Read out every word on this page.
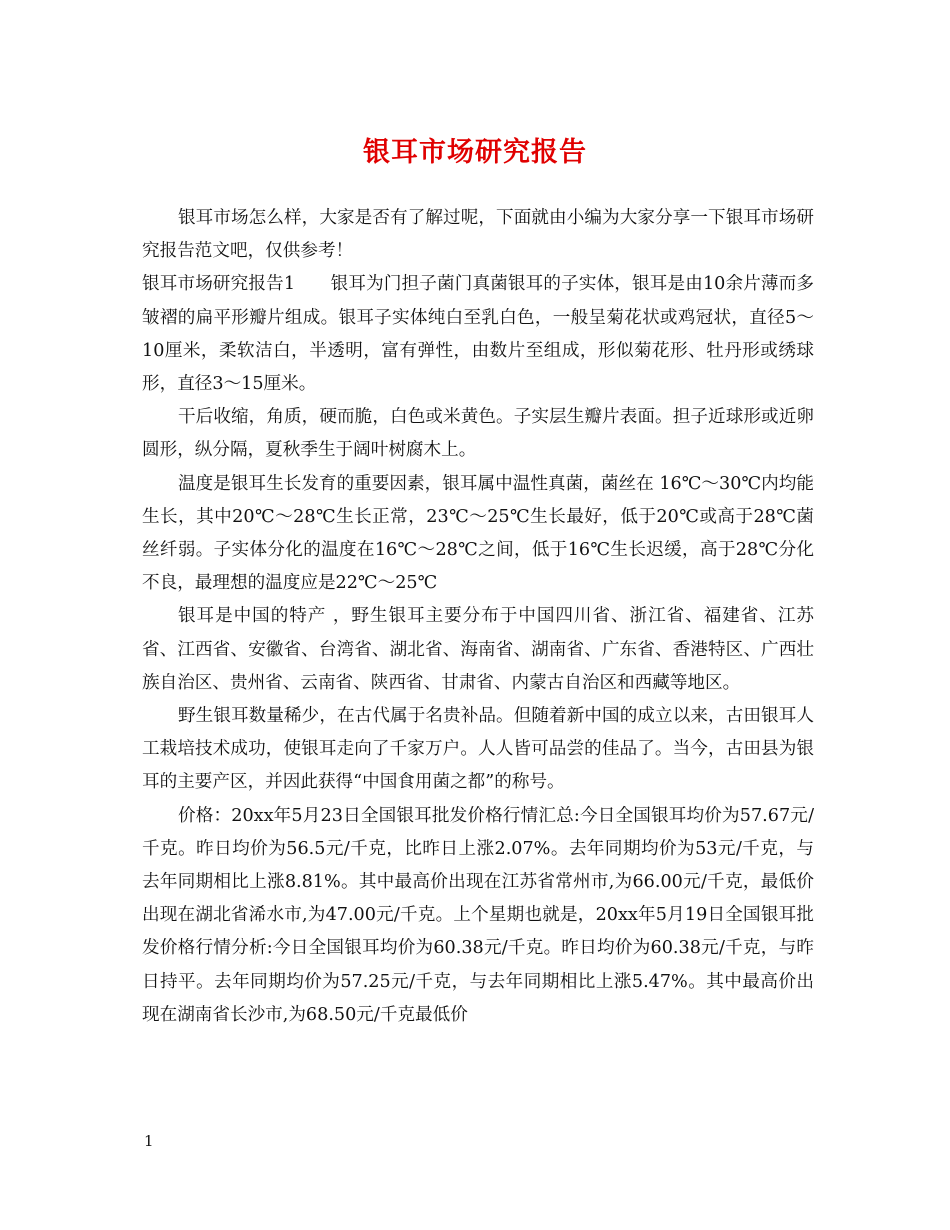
银耳市场研究报告

银耳市场怎么样，大家是否有了解过呢，下面就由小编为大家分享一下银耳市场研究报告范文吧，仅供参考！

银耳市场研究报告1　　银耳为门担子菌门真菌银耳的子实体，银耳是由10余片薄而多皱褶的扁平形瓣片组成。银耳子实体纯白至乳白色，一般呈菊花状或鸡冠状，直径5～10厘米，柔软洁白，半透明，富有弹性，由数片至组成，形似菊花形、牡丹形或绣球形，直径3～15厘米。

干后收缩，角质，硬而脆，白色或米黄色。子实层生瓣片表面。担子近球形或近卵圆形，纵分隔，夏秋季生于阔叶树腐木上。

温度是银耳生长发育的重要因素，银耳属中温性真菌，菌丝在 16℃～30℃内均能生长，其中20℃～28℃生长正常，23℃～25℃生长最好，低于20℃或高于28℃菌丝纤弱。子实体分化的温度在16℃～28℃之间，低于16℃生长迟缓，高于28℃分化不良，最理想的温度应是22℃～25℃

银耳是中国的特产 ，野生银耳主要分布于中国四川省、浙江省、福建省、江苏省、江西省、安徽省、台湾省、湖北省、海南省、湖南省、广东省、香港特区、广西壮族自治区、贵州省、云南省、陕西省、甘肃省、内蒙古自治区和西藏等地区。

野生银耳数量稀少，在古代属于名贵补品。但随着新中国的成立以来，古田银耳人工栽培技术成功，使银耳走向了千家万户。人人皆可品尝的佳品了。当今，古田县为银耳的主要产区，并因此获得“中国食用菌之都”的称号。

价格：20xx年5月23日全国银耳批发价格行情汇总:今日全国银耳均价为57.67元/千克。昨日均价为56.5元/千克，比昨日上涨2.07%。去年同期均价为53元/千克，与去年同期相比上涨8.81%。其中最高价出现在江苏省常州市,为66.00元/千克，最低价出现在湖北省浠水市,为47.00元/千克。上个星期也就是，20xx年5月19日全国银耳批发价格行情分析:今日全国银耳均价为60.38元/千克。昨日均价为60.38元/千克，与昨日持平。去年同期均价为57.25元/千克，与去年同期相比上涨5.47%。其中最高价出现在湖南省长沙市,为68.50元/千克最低价

1
